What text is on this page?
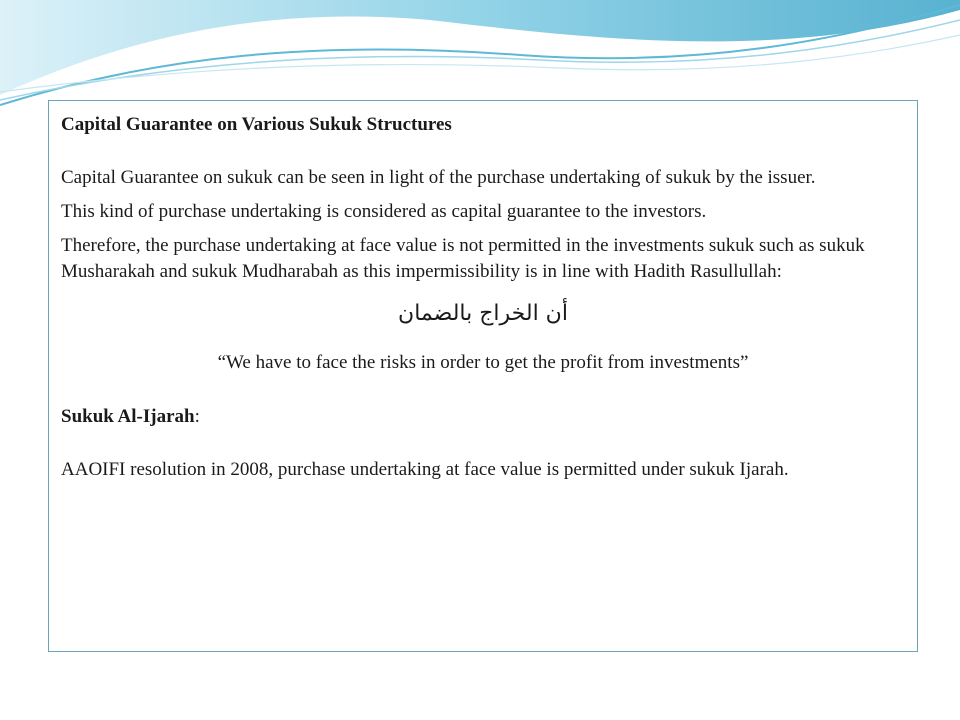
Capital Guarantee on Various Sukuk Structures

Capital Guarantee on sukuk can be seen in light of the purchase undertaking of sukuk by the issuer.

This kind of purchase undertaking is considered as capital guarantee to the investors.

Therefore, the purchase undertaking at face value is not permitted in the investments sukuk such as sukuk Musharakah and sukuk Mudharabah as this impermissibility is in line with Hadith Rasullullah:

أن الخراج بالضمان

“We have to face the risks in order to get the profit from investments”

Sukuk Al-Ijarah:

AAOIFI resolution in 2008, purchase undertaking at face value is permitted under sukuk Ijarah.
